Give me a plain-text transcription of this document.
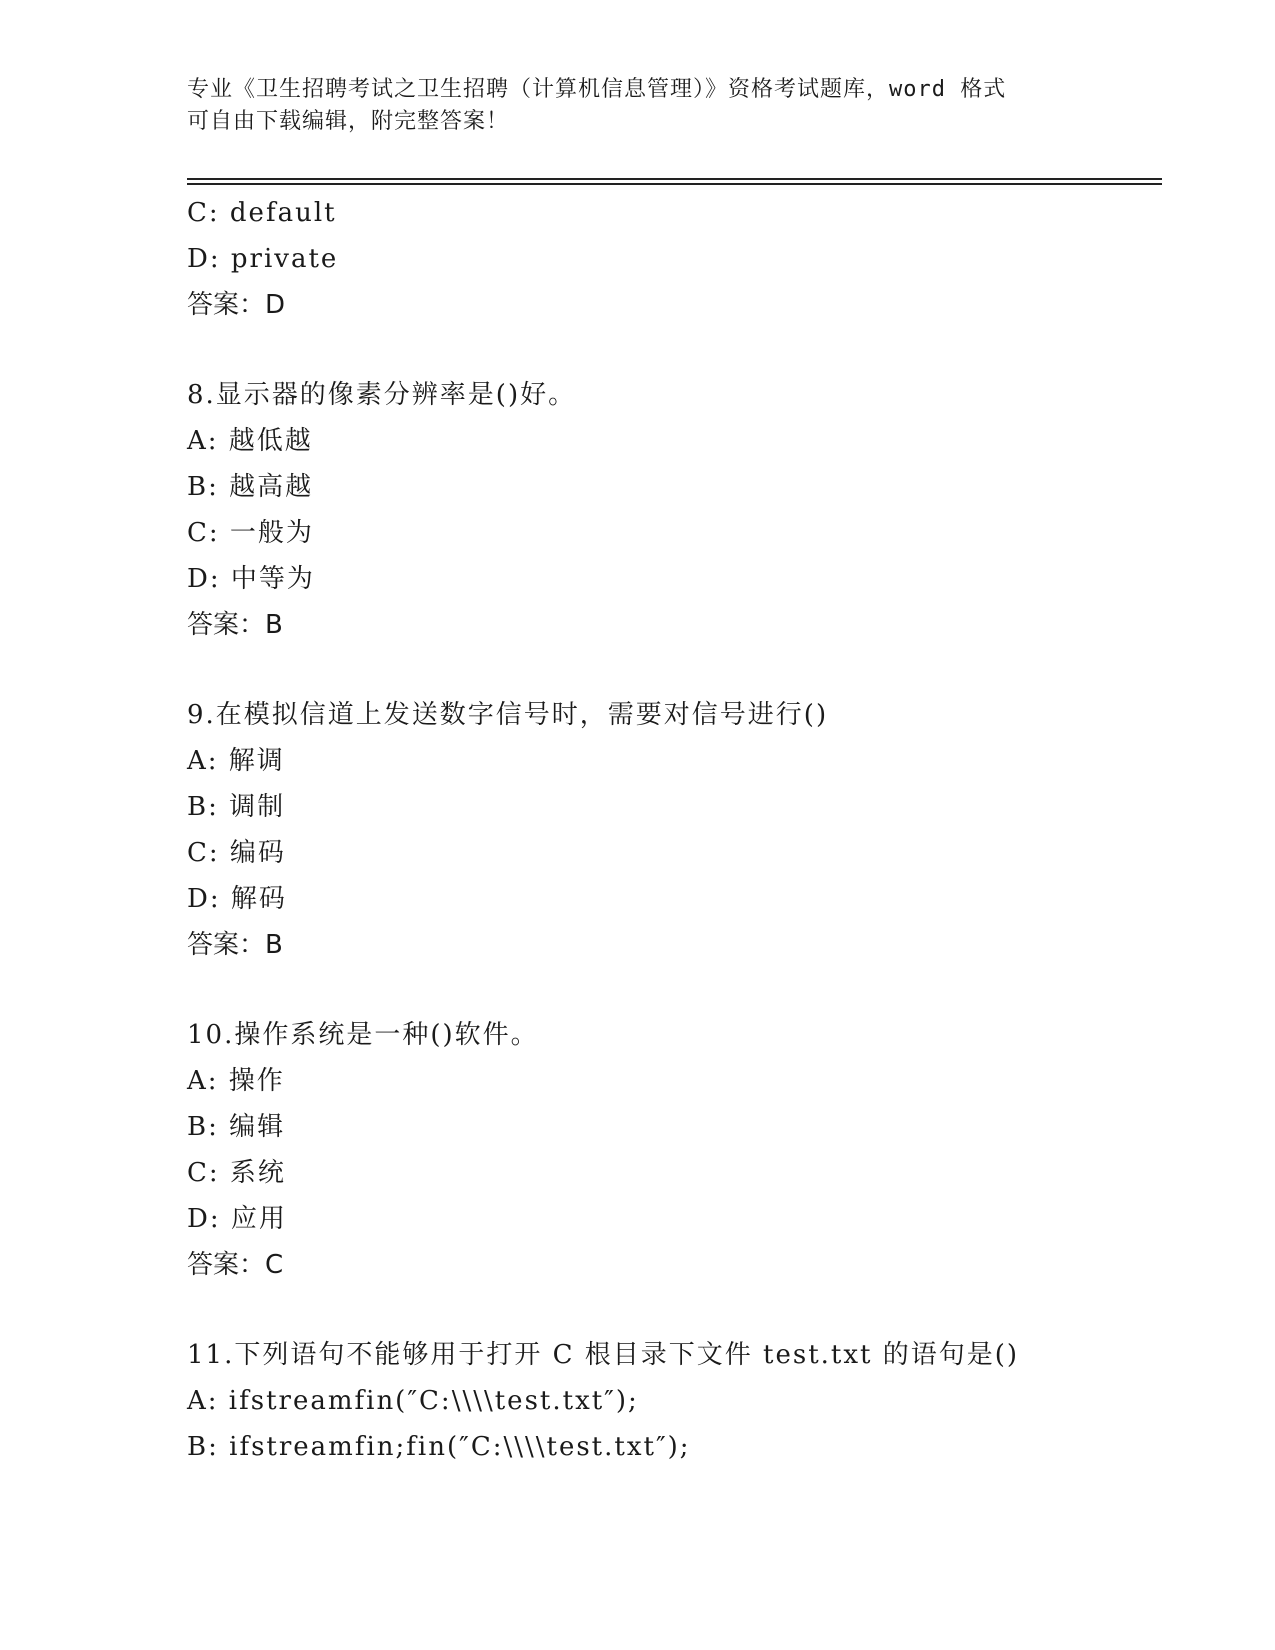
专业《卫生招聘考试之卫生招聘（计算机信息管理）》资格考试题库，word 格式
可自由下载编辑，附完整答案！
C: default
D: private
答案：D
8.显示器的像素分辨率是()好。
A: 越低越
B: 越高越
C: 一般为
D: 中等为
答案：B
9.在模拟信道上发送数字信号时，需要对信号进行()
A: 解调
B: 调制
C: 编码
D: 解码
答案：B
10.操作系统是一种()软件。
A: 操作
B: 编辑
C: 系统
D: 应用
答案：C
11.下列语句不能够用于打开 C 根目录下文件 test.txt 的语句是()
A: ifstreamfin(″C:\\\\test.txt″);
B: ifstreamfin;fin(″C:\\\\test.txt″);
